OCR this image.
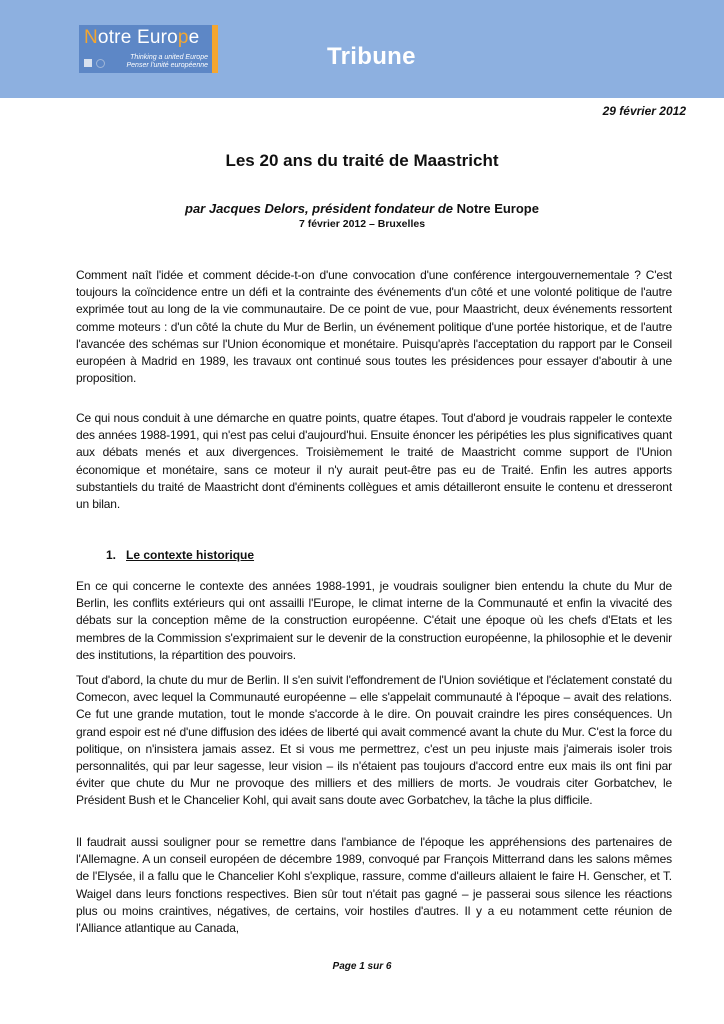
Notre Europe
Thinking a united Europe
Penser l'unité européenne	Tribune
29 février 2012
Les 20 ans du traité de Maastricht
par Jacques Delors, président fondateur de Notre Europe
7 février 2012 – Bruxelles
Comment naît l'idée et comment décide-t-on d'une convocation d'une conférence intergouvernementale ? C'est toujours la coïncidence entre un défi et la contrainte des événements d'un côté et une volonté politique de l'autre exprimée tout au long de la vie communautaire. De ce point de vue, pour Maastricht, deux événements ressortent comme moteurs : d'un côté la chute du Mur de Berlin, un événement politique d'une portée historique, et de l'autre l'avancée des schémas sur l'Union économique et monétaire. Puisqu'après l'acceptation du rapport par le Conseil européen à Madrid en 1989, les travaux ont continué sous toutes les présidences pour essayer d'aboutir à une proposition.
Ce qui nous conduit à une démarche en quatre points, quatre étapes. Tout d'abord je voudrais rappeler le contexte des années 1988-1991, qui n'est pas celui d'aujourd'hui. Ensuite énoncer les péripéties les plus significatives quant aux débats menés et aux divergences. Troisièmement le traité de Maastricht comme support de l'Union économique et monétaire, sans ce moteur il n'y aurait peut-être pas eu de Traité. Enfin les autres apports substantiels du traité de Maastricht dont d'éminents collègues et amis détailleront ensuite le contenu et dresseront un bilan.
1. Le contexte historique
En ce qui concerne le contexte des années 1988-1991, je voudrais souligner bien entendu la chute du Mur de Berlin, les conflits extérieurs qui ont assailli l'Europe, le climat interne de la Communauté et enfin la vivacité des débats sur la conception même de la construction européenne. C'était une époque où les chefs d'Etats et les membres de la Commission s'exprimaient sur le devenir de la construction européenne, la philosophie et le devenir des institutions, la répartition des pouvoirs.
Tout d'abord, la chute du mur de Berlin. Il s'en suivit l'effondrement de l'Union soviétique et l'éclatement constaté du Comecon, avec lequel la Communauté européenne – elle s'appelait communauté à l'époque – avait des relations. Ce fut une grande mutation, tout le monde s'accorde à le dire. On pouvait craindre les pires conséquences. Un grand espoir est né d'une diffusion des idées de liberté qui avait commencé avant la chute du Mur. C'est la force du politique, on n'insistera jamais assez. Et si vous me permettrez, c'est un peu injuste mais j'aimerais isoler trois personnalités, qui par leur sagesse, leur vision – ils n'étaient pas toujours d'accord entre eux mais ils ont fini par éviter que chute du Mur ne provoque des milliers et des milliers de morts. Je voudrais citer Gorbatchev, le Président Bush et le Chancelier Kohl, qui avait sans doute avec Gorbatchev, la tâche la plus difficile.
Il faudrait aussi souligner pour se remettre dans l'ambiance de l'époque les appréhensions des partenaires de l'Allemagne. A un conseil européen de décembre 1989, convoqué par François Mitterrand dans les salons mêmes de l'Elysée, il a fallu que le Chancelier Kohl s'explique, rassure, comme d'ailleurs allaient le faire H. Genscher, et T. Waigel dans leurs fonctions respectives. Bien sûr tout n'était pas gagné – je passerai sous silence les réactions plus ou moins craintives, négatives, de certains, voir hostiles d'autres. Il y a eu notamment cette réunion de l'Alliance atlantique au Canada,
Page 1 sur 6
